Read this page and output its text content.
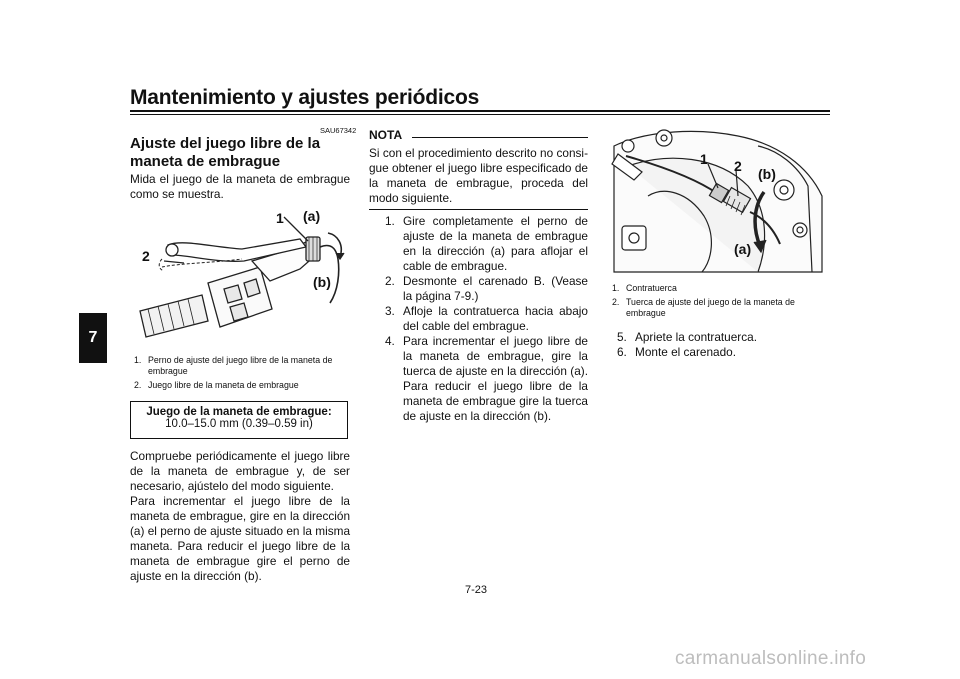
Mantenimiento y ajustes periódicos
7
SAU67342
Ajuste del juego libre de la maneta de embrague
Mida el juego de la maneta de embrague como se muestra.
1 (a)
2
(b)
1. Perno de ajuste del juego libre de la maneta de embrague
2. Juego libre de la maneta de embrague
Juego de la maneta de embrague:
10.0–15.0 mm (0.39–0.59 in)
Compruebe periódicamente el juego libre de la maneta de embrague y, de ser necesario, ajústelo del modo siguiente.
Para incrementar el juego libre de la maneta de embrague, gire en la dirección (a) el perno de ajuste situado en la misma maneta. Para reducir el juego libre de la maneta de embrague gire el perno de ajuste en la dirección (b).
NOTA
Si con el procedimiento descrito no consigue obtener el juego libre especificado de la maneta de embrague, proceda del modo siguiente.
1. Gire completamente el perno de ajuste de la maneta de embrague en la dirección (a) para aflojar el cable de embrague.
2. Desmonte el carenado B. (Vease la página 7-9.)
3. Afloje la contratuerca hacia abajo del cable del embrague.
4. Para incrementar el juego libre de la maneta de embrague, gire la tuerca de ajuste en la dirección (a). Para reducir el juego libre de la maneta de embrague gire la tuerca de ajuste en la dirección (b).
1 2 (b)
(a)
1. Contratuerca
2. Tuerca de ajuste del juego de la maneta de embrague
5. Apriete la contratuerca.
6. Monte el carenado.
7-23
carmanualsonline.info
